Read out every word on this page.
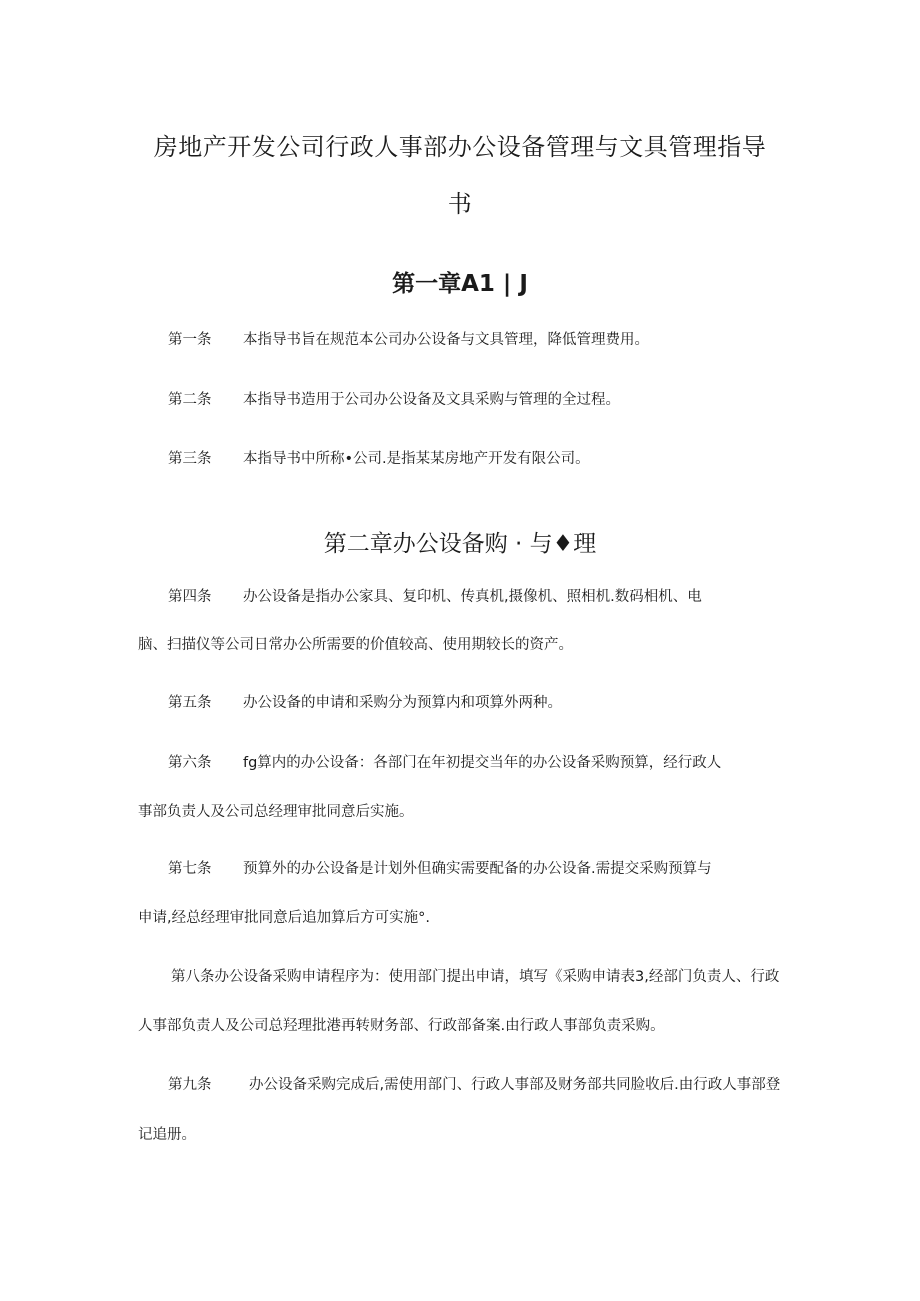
房地产开发公司行政人事部办公设备管理与文具管理指导
书
第一章A1 | J
第一条 本指导书旨在规范本公司办公设备与文具管理，降低管理费用。
第二条 本指导书造用于公司办公设备及文具采购与管理的全过程。
第三条 本指导书中所称•公司.是指某某房地产开发有限公司。
第二章办公设备购 · 与♦理
第四条 办公设备是指办公家具、复印机、传真机,摄像机、照相机.数码相机、电
脑、扫描仪等公司日常办公所需要的价值较高、使用期较长的资产。
第五条 办公设备的申请和采购分为预算内和项算外两种。
第六条 fg算内的办公设备：各部门在年初提交当年的办公设备采购预算，经行政人
事部负责人及公司总经理审批同意后实施。
第七条 预算外的办公设备是计划外但确实需要配备的办公设备.需提交采购预算与
申请,经总经理审批同意后追加算后方可实施°.
第八条办公设备采购申请程序为：使用部门提出申请，填写《采购申请表3,经部门负责人、行政
人事部负责人及公司总羟理批港再转财务部、行政部备案.由行政人事部负责采购。
第九条	办公设备采购完成后,需使用部门、行政人事部及财务部共同脸收后.由行政人事部登
记追册。
